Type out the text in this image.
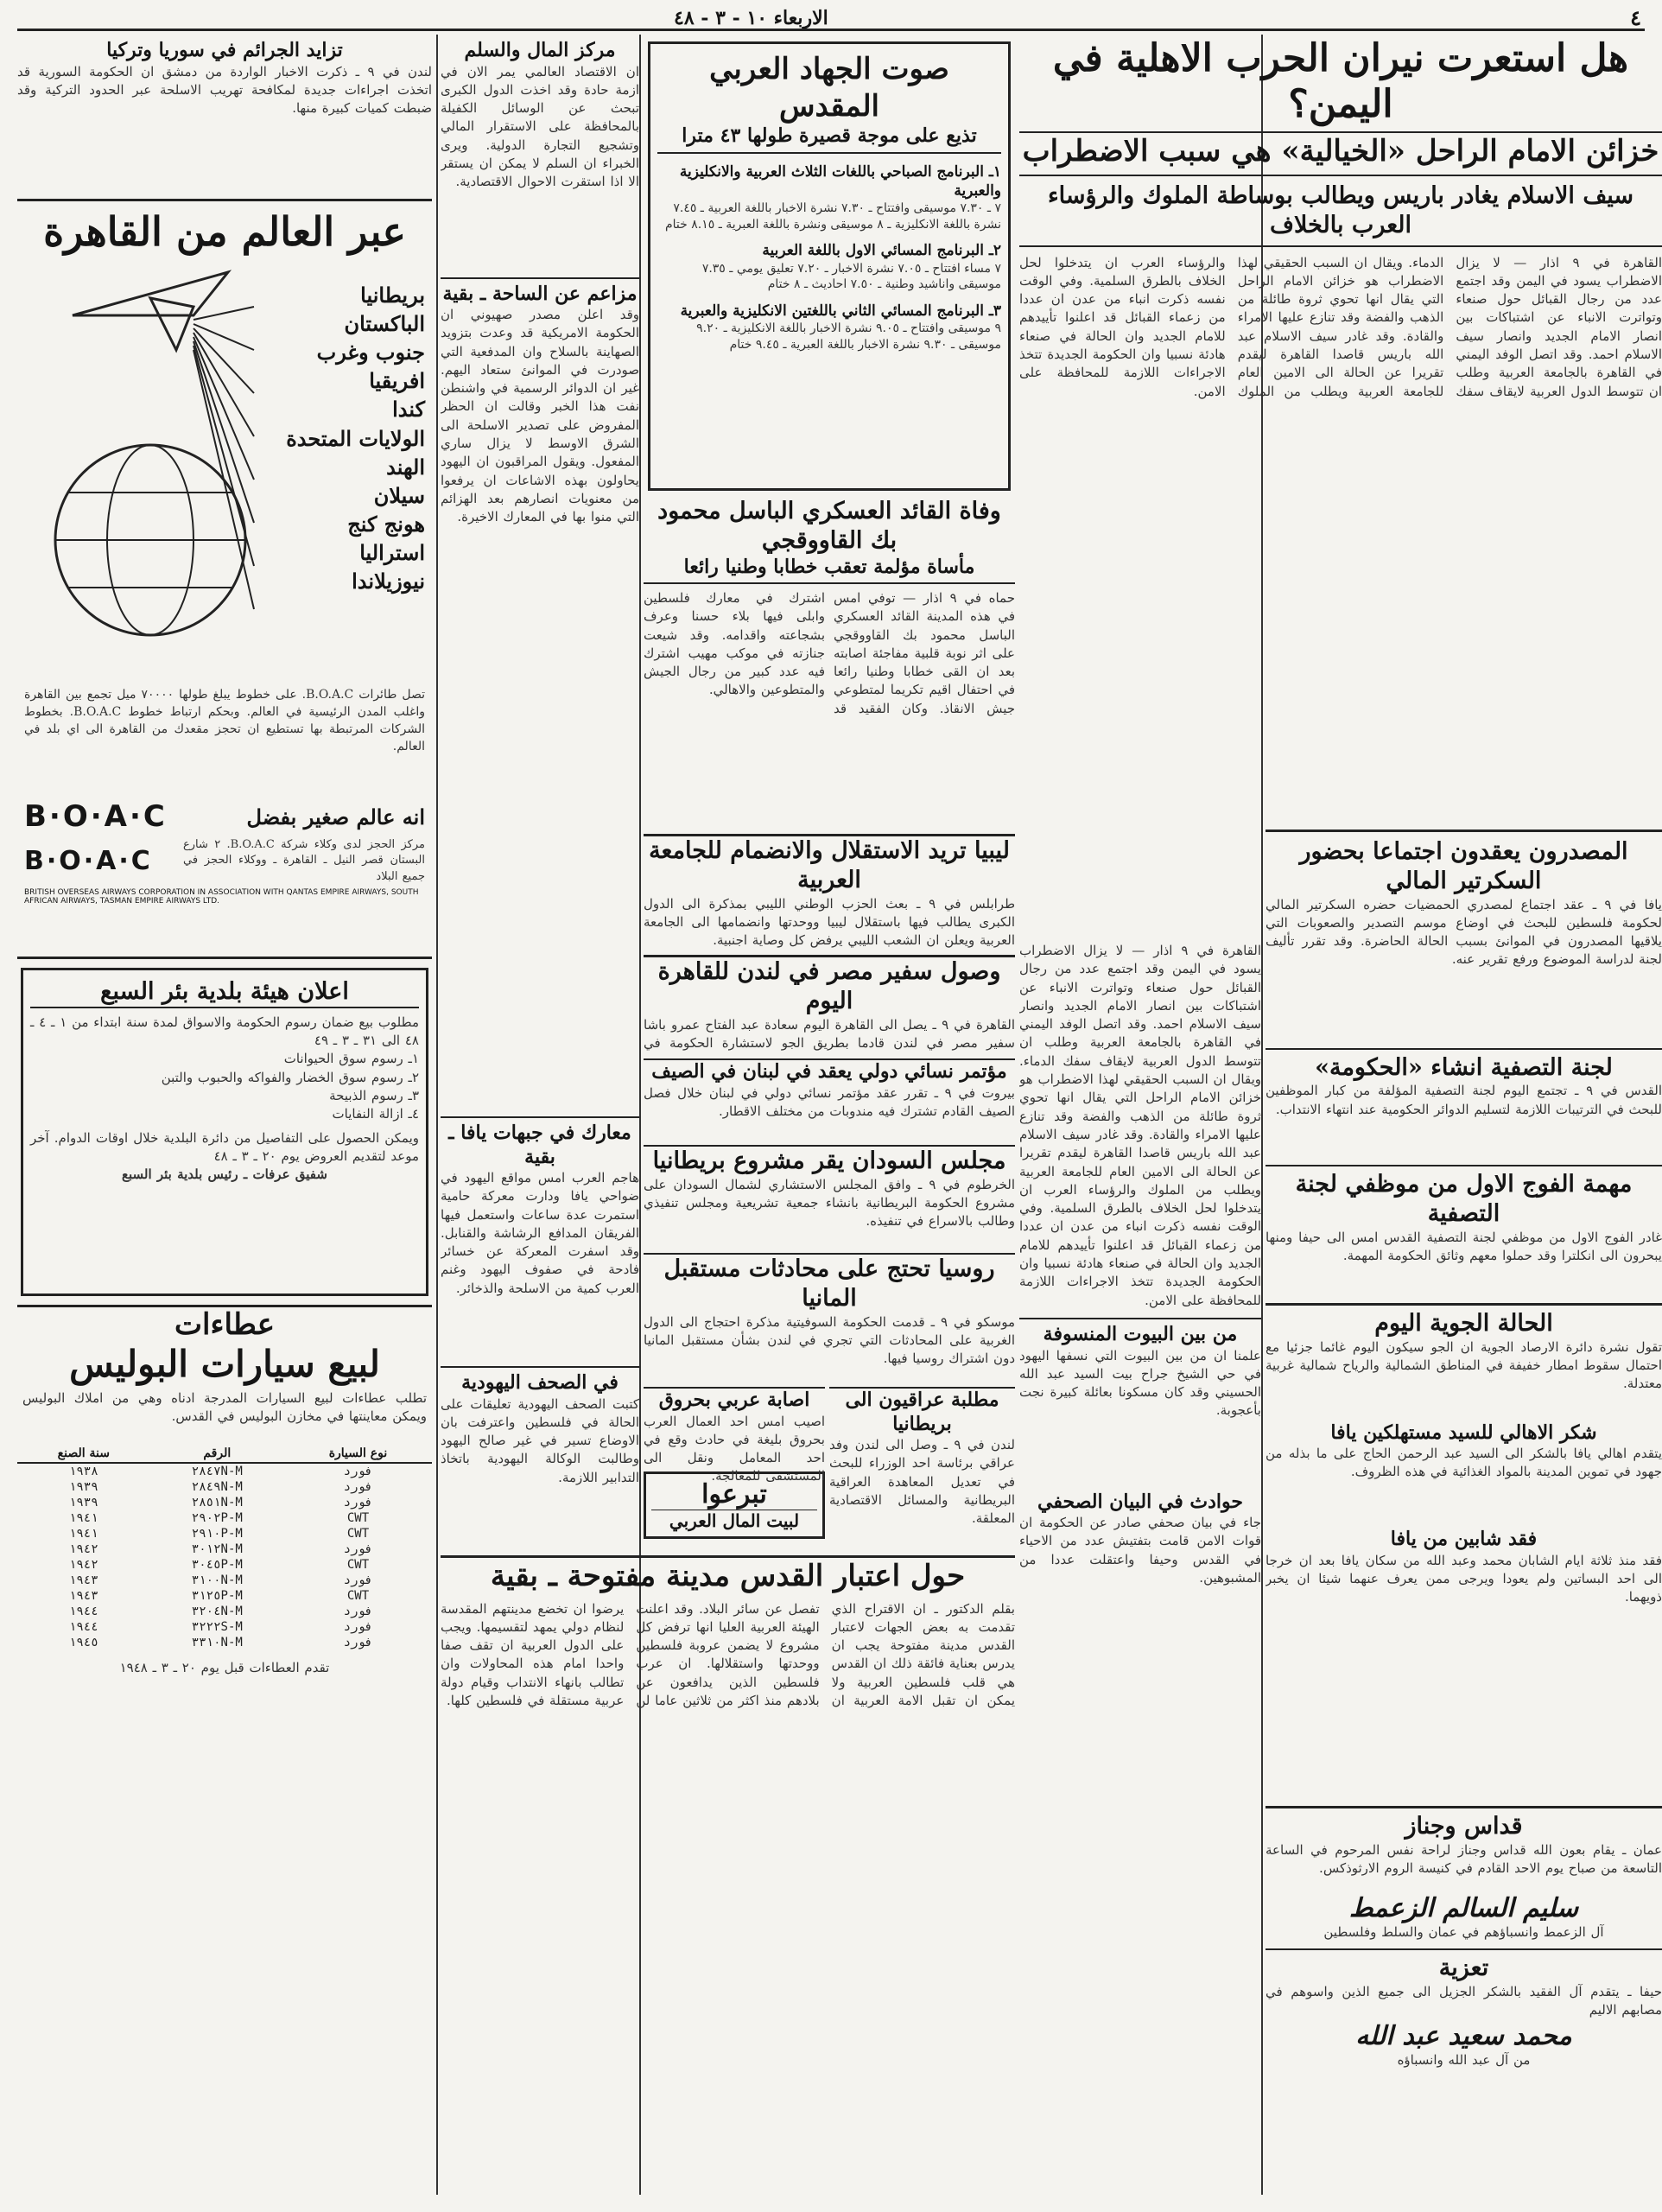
٤
الاربعاء ١٠ - ٣ - ٤٨
هل استعرت نيران الحرب الاهلية في اليمن؟
خزائن الامام الراحل «الخيالية» هي سبب الاضطراب
سيف الاسلام يغادر باريس ويطالب بوساطة الملوك والرؤساء العرب بالخلاف
القاهرة في ٩ اذار — لا يزال الاضطراب يسود في اليمن وقد اجتمع عدد من رجال القبائل حول صنعاء وتواترت الانباء عن اشتباكات بين انصار الامام الجديد وانصار سيف الاسلام احمد. وقد اتصل الوفد اليمني في القاهرة بالجامعة العربية وطلب ان تتوسط الدول العربية لايقاف سفك الدماء. ويقال ان السبب الحقيقي لهذا الاضطراب هو خزائن الامام الراحل التي يقال انها تحوي ثروة طائلة من الذهب والفضة وقد تنازع عليها الامراء والقادة. وقد غادر سيف الاسلام عبد الله باريس قاصدا القاهرة ليقدم تقريرا عن الحالة الى الامين العام للجامعة العربية ويطلب من الملوك والرؤساء العرب ان يتدخلوا لحل الخلاف بالطرق السلمية. وفي الوقت نفسه ذكرت انباء من عدن ان عددا من زعماء القبائل قد اعلنوا تأييدهم للامام الجديد وان الحالة في صنعاء هادئة نسبيا وان الحكومة الجديدة تتخذ الاجراءات اللازمة للمحافظة على الامن.
المصدرون يعقدون اجتماعا بحضور السكرتير المالي
يافا في ٩ ـ عقد اجتماع لمصدري الحمضيات حضره السكرتير المالي لحكومة فلسطين للبحث في اوضاع موسم التصدير والصعوبات التي يلاقيها المصدرون في الموانئ بسبب الحالة الحاضرة. وقد تقرر تأليف لجنة لدراسة الموضوع ورفع تقرير عنه.
لجنة التصفية انشاء «الحكومة»
القدس في ٩ ـ تجتمع اليوم لجنة التصفية المؤلفة من كبار الموظفين للبحث في الترتيبات اللازمة لتسليم الدوائر الحكومية عند انتهاء الانتداب.
مهمة الفوج الاول من موظفي لجنة التصفية
غادر الفوج الاول من موظفي لجنة التصفية القدس امس الى حيفا ومنها يبحرون الى انكلترا وقد حملوا معهم وثائق الحكومة المهمة.
الحالة الجوية اليوم
تقول نشرة دائرة الارصاد الجوية ان الجو سيكون اليوم غائما جزئيا مع احتمال سقوط امطار خفيفة في المناطق الشمالية والرياح شمالية غربية معتدلة.
شكر الاهالي للسيد مستهلكين يافا
يتقدم اهالي يافا بالشكر الى السيد عبد الرحمن الحاج على ما بذله من جهود في تموين المدينة بالمواد الغذائية في هذه الظروف.
فقد شابين من يافا
فقد منذ ثلاثة ايام الشابان محمد وعبد الله من سكان يافا بعد ان خرجا الى احد البساتين ولم يعودا ويرجى ممن يعرف عنهما شيئا ان يخبر ذويهما.
من بين البيوت المنسوفة
علمنا ان من بين البيوت التي نسفها اليهود في حي الشيخ جراح بيت السيد عبد الله الحسيني وقد كان مسكونا بعائلة كبيرة نجت بأعجوبة.
حوادث في البيان الصحفي
جاء في بيان صحفي صادر عن الحكومة ان قوات الامن قامت بتفتيش عدد من الاحياء في القدس وحيفا واعتقلت عددا من المشبوهين.
القاهرة في ٩ اذار — لا يزال الاضطراب يسود في اليمن وقد اجتمع عدد من رجال القبائل حول صنعاء وتواترت الانباء عن اشتباكات بين انصار الامام الجديد وانصار سيف الاسلام احمد. وقد اتصل الوفد اليمني في القاهرة بالجامعة العربية وطلب ان تتوسط الدول العربية لايقاف سفك الدماء. ويقال ان السبب الحقيقي لهذا الاضطراب هو خزائن الامام الراحل التي يقال انها تحوي ثروة طائلة من الذهب والفضة وقد تنازع عليها الامراء والقادة. وقد غادر سيف الاسلام عبد الله باريس قاصدا القاهرة ليقدم تقريرا عن الحالة الى الامين العام للجامعة العربية ويطلب من الملوك والرؤساء العرب ان يتدخلوا لحل الخلاف بالطرق السلمية. وفي الوقت نفسه ذكرت انباء من عدن ان عددا من زعماء القبائل قد اعلنوا تأييدهم للامام الجديد وان الحالة في صنعاء هادئة نسبيا وان الحكومة الجديدة تتخذ الاجراءات اللازمة للمحافظة على الامن.
قداس وجناز
عمان ـ يقام بعون الله قداس وجناز لراحة نفس المرحوم في الساعة التاسعة من صباح يوم الاحد القادم في كنيسة الروم الارثوذكس.
سليم السالم الزعمط
آل الزعمط وانسباؤهم في عمان والسلط وفلسطين
تعزية
حيفا ـ يتقدم آل الفقيد بالشكر الجزيل الى جميع الذين واسوهم في مصابهم الاليم
محمد سعيد عبد الله
من آل عبد الله وانسباؤه
صوت الجهاد العربي المقدس
تذيع على موجة قصيرة طولها ٤٣ مترا
١ـ البرنامج الصباحي باللغات الثلاث العربية والانكليزية والعبرية
٧ ـ ٧.٣٠ موسيقى وافتتاح ـ ٧.٣٠ نشرة الاخبار باللغة العربية ـ ٧.٤٥ نشرة باللغة الانكليزية ـ ٨ موسيقى ونشرة باللغة العبرية ـ ٨.١٥ ختام
٢ـ البرنامج المسائي الاول باللغة العربية
٧ مساء افتتاح ـ ٧.٠٥ نشرة الاخبار ـ ٧.٢٠ تعليق يومي ـ ٧.٣٥ موسيقى واناشيد وطنية ـ ٧.٥٠ احاديث ـ ٨ ختام
٣ـ البرنامج المسائي الثاني باللغتين الانكليزية والعبرية
٩ موسيقى وافتتاح ـ ٩.٠٥ نشرة الاخبار باللغة الانكليزية ـ ٩.٢٠ موسيقى ـ ٩.٣٠ نشرة الاخبار باللغة العبرية ـ ٩.٤٥ ختام
وفاة القائد العسكري الباسل محمود بك القاووقجي
مأساة مؤلمة تعقب خطابا وطنيا رائعا
حماه في ٩ اذار — توفي امس في هذه المدينة القائد العسكري الباسل محمود بك القاووقجي على اثر نوبة قلبية مفاجئة اصابته بعد ان القى خطابا وطنيا رائعا في احتفال اقيم تكريما لمتطوعي جيش الانقاذ. وكان الفقيد قد اشترك في معارك فلسطين وابلى فيها بلاء حسنا وعرف بشجاعته واقدامه. وقد شيعت جنازته في موكب مهيب اشترك فيه عدد كبير من رجال الجيش والمتطوعين والاهالي.
ليبيا تريد الاستقلال والانضمام للجامعة العربية
طرابلس في ٩ ـ بعث الحزب الوطني الليبي بمذكرة الى الدول الكبرى يطالب فيها باستقلال ليبيا ووحدتها وانضمامها الى الجامعة العربية ويعلن ان الشعب الليبي يرفض كل وصاية اجنبية.
وصول سفير مصر في لندن للقاهرة اليوم
القاهرة في ٩ ـ يصل الى القاهرة اليوم سعادة عبد الفتاح عمرو باشا سفير مصر في لندن قادما بطريق الجو لاستشارة الحكومة في
مؤتمر نسائي دولي يعقد في لبنان في الصيف
بيروت في ٩ ـ تقرر عقد مؤتمر نسائي دولي في لبنان خلال فصل الصيف القادم تشترك فيه مندوبات من مختلف الاقطار.
مجلس السودان يقر مشروع بريطانيا
الخرطوم في ٩ ـ وافق المجلس الاستشاري لشمال السودان على مشروع الحكومة البريطانية بانشاء جمعية تشريعية ومجلس تنفيذي وطالب بالاسراع في تنفيذه.
روسيا تحتج على محادثات مستقبل المانيا
موسكو في ٩ ـ قدمت الحكومة السوفيتية مذكرة احتجاج الى الدول الغربية على المحادثات التي تجري في لندن بشأن مستقبل المانيا دون اشتراك روسيا فيها.
مطلبة عراقيون الى بريطانيا
لندن في ٩ ـ وصل الى لندن وفد عراقي برئاسة احد الوزراء للبحث في تعديل المعاهدة العراقية البريطانية والمسائل الاقتصادية المعلقة.
اصابة عربي بحروق
اصيب امس احد العمال العرب بحروق بليغة في حادث وقع في احد المعامل ونقل الى المستشفى للمعالجة.
تبرعوا
لبيت المال العربي
حول اعتبار القدس مدينة مفتوحة ـ بقية
بقلم الدكتور ـ ان الاقتراح الذي تقدمت به بعض الجهات لاعتبار القدس مدينة مفتوحة يجب ان يدرس بعناية فائقة ذلك ان القدس هي قلب فلسطين العربية ولا يمكن ان تقبل الامة العربية ان تفصل عن سائر البلاد. وقد اعلنت الهيئة العربية العليا انها ترفض كل مشروع لا يضمن عروبة فلسطين ووحدتها واستقلالها. ان عرب فلسطين الذين يدافعون عن بلادهم منذ اكثر من ثلاثين عاما لن يرضوا ان تخضع مدينتهم المقدسة لنظام دولي يمهد لتقسيمها. ويجب على الدول العربية ان تقف صفا واحدا امام هذه المحاولات وان تطالب بانهاء الانتداب وقيام دولة عربية مستقلة في فلسطين كلها.
مركز المال والسلم
ان الاقتصاد العالمي يمر الان في ازمة حادة وقد اخذت الدول الكبرى تبحث عن الوسائل الكفيلة بالمحافظة على الاستقرار المالي وتشجيع التجارة الدولية. ويرى الخبراء ان السلم لا يمكن ان يستقر الا اذا استقرت الاحوال الاقتصادية.
مزاعم عن الساحة ـ بقية
وقد اعلن مصدر صهيوني ان الحكومة الامريكية قد وعدت بتزويد الصهاينة بالسلاح وان المدفعية التي صودرت في الموانئ ستعاد اليهم. غير ان الدوائر الرسمية في واشنطن نفت هذا الخبر وقالت ان الحظر المفروض على تصدير الاسلحة الى الشرق الاوسط لا يزال ساري المفعول. ويقول المراقبون ان اليهود يحاولون بهذه الاشاعات ان يرفعوا من معنويات انصارهم بعد الهزائم التي منوا بها في المعارك الاخيرة.
معارك في جبهات يافا ـ بقية
هاجم العرب امس مواقع اليهود في ضواحي يافا ودارت معركة حامية استمرت عدة ساعات واستعمل فيها الفريقان المدافع الرشاشة والقنابل. وقد اسفرت المعركة عن خسائر فادحة في صفوف اليهود وغنم العرب كمية من الاسلحة والذخائر.
في الصحف اليهودية
كتبت الصحف اليهودية تعليقات على الحالة في فلسطين واعترفت بان الاوضاع تسير في غير صالح اليهود وطالبت الوكالة اليهودية باتخاذ التدابير اللازمة.
تزايد الجرائم في سوريا وتركيا
لندن في ٩ ـ ذكرت الاخبار الواردة من دمشق ان الحكومة السورية قد اتخذت اجراءات جديدة لمكافحة تهريب الاسلحة عبر الحدود التركية وقد ضبطت كميات كبيرة منها.
عبر العالم من القاهرة
بريطانيا
الباكستان
جنوب وغرب افريقيا
كندا
الولايات المتحدة
الهند
سيلان
هونج كنج
استراليا
نيوزيلاندا
تصل طائرات B.O.A.C. على خطوط يبلغ طولها ٧٠٠٠٠ ميل تجمع بين القاهرة واغلب المدن الرئيسية في العالم. وبحكم ارتباط خطوط B.O.A.C. بخطوط الشركات المرتبطة بها تستطيع ان تحجز مقعدك من القاهرة الى اي بلد في العالم.
انه عالم صغير بفضل
B·O·A·C
مركز الحجز لدى وكلاء شركة B.O.A.C. ٢ شارع البستان قصر النيل ـ القاهرة ـ ووكلاء الحجز في جميع البلاد
B·O·A·C
BRITISH OVERSEAS AIRWAYS CORPORATION IN ASSOCIATION WITH QANTAS EMPIRE AIRWAYS, SOUTH AFRICAN AIRWAYS, TASMAN EMPIRE AIRWAYS LTD.
اعلان هيئة بلدية بئر السبع
مطلوب بيع ضمان رسوم الحكومة والاسواق لمدة سنة ابتداء من ١ ـ ٤ ـ ٤٨ الى ٣١ ـ ٣ ـ ٤٩
١ـ رسوم سوق الحيوانات
٢ـ رسوم سوق الخضار والفواكه والحبوب والتبن
٣ـ رسوم الذبيحة
٤ـ ازالة النفايات
ويمكن الحصول على التفاصيل من دائرة البلدية خلال اوقات الدوام. آخر موعد لتقديم العروض يوم ٢٠ ـ ٣ ـ ٤٨
شفيق عرفات ـ رئيس بلدية بئر السبع
عطاءات
لبيع سيارات البوليس
تطلب عطاءات لبيع السيارات المدرجة ادناه وهي من املاك البوليس ويمكن معاينتها في مخازن البوليس في القدس.
نوع السيارة	الرقم	سنة الصنع
فورد	M-٢٨٤٧N	١٩٣٨
فورد	M-٢٨٤٩N	١٩٣٩
فورد	M-٢٨٥١N	١٩٣٩
CWT	M-٢٩٠٢P	١٩٤١
CWT	M-٢٩١٠P	١٩٤١
فورد	M-٣٠١٢N	١٩٤٢
CWT	M-٣٠٤٥P	١٩٤٢
فورد	M-٣١٠٠N	١٩٤٣
CWT	M-٣١٢٥P	١٩٤٣
فورد	M-٣٢٠٤N	١٩٤٤
فورد	M-٣٢٢٢S	١٩٤٤
فورد	M-٣٣١٠N	١٩٤٥
تقدم العطاءات قبل يوم ٢٠ ـ ٣ ـ ١٩٤٨
